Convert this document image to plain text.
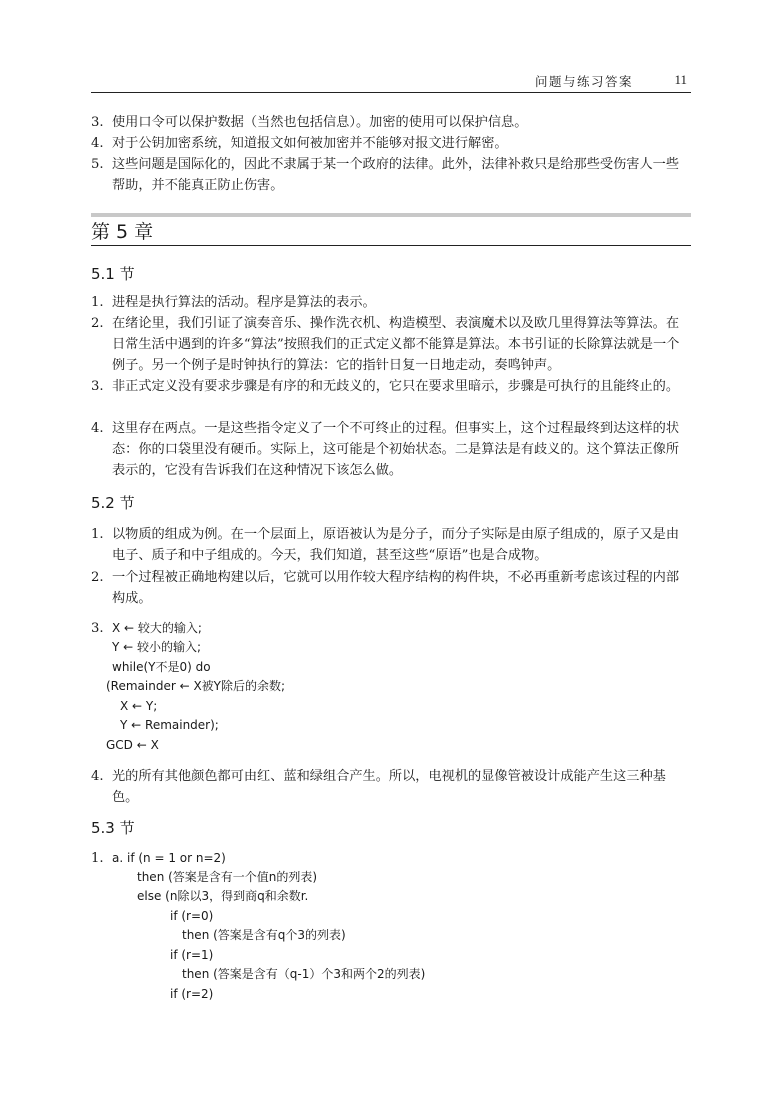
问题与练习答案	11
3. 使用口令可以保护数据（当然也包括信息）。加密的使用可以保护信息。
4. 对于公钥加密系统，知道报文如何被加密并不能够对报文进行解密。
5. 这些问题是国际化的，因此不隶属于某一个政府的法律。此外，法律补救只是给那些受伤害人一些帮助，并不能真正防止伤害。
第 5 章
5.1 节
1. 进程是执行算法的活动。程序是算法的表示。
2. 在绪论里，我们引证了演奏音乐、操作洗衣机、构造模型、表演魔术以及欧几里得算法等算法。在日常生活中遇到的许多“算法”按照我们的正式定义都不能算是算法。本书引证的长除算法就是一个例子。另一个例子是时钟执行的算法：它的指针日复一日地走动，奏鸣钟声。
3. 非正式定义没有要求步骤是有序的和无歧义的，它只在要求里暗示，步骤是可执行的且能终止的。
4. 这里存在两点。一是这些指令定义了一个不可终止的过程。但事实上，这个过程最终到达这样的状态：你的口袋里没有硬币。实际上，这可能是个初始状态。二是算法是有歧义的。这个算法正像所表示的，它没有告诉我们在这种情况下该怎么做。
5.2 节
1. 以物质的组成为例。在一个层面上，原语被认为是分子，而分子实际是由原子组成的，原子又是由电子、质子和中子组成的。今天，我们知道，甚至这些“原语”也是合成物。
2. 一个过程被正确地构建以后，它就可以用作较大程序结构的构件块，不必再重新考虑该过程的内部构成。
3. X ← 较大的输入;
Y ← 较小的输入;
while(Y不是0) do
(Remainder ← X被Y除后的余数;
X ← Y;
Y ← Remainder);
GCD ← X
4. 光的所有其他颜色都可由红、蓝和绿组合产生。所以，电视机的显像管被设计成能产生这三种基色。
5.3 节
1. a. if (n = 1 or n=2)
then (答案是含有一个值n的列表)
else (n除以3，得到商q和余数r.
if (r=0)
then (答案是含有q个3的列表)
if (r=1)
then (答案是含有（q-1）个3和两个2的列表)
if (r=2)
